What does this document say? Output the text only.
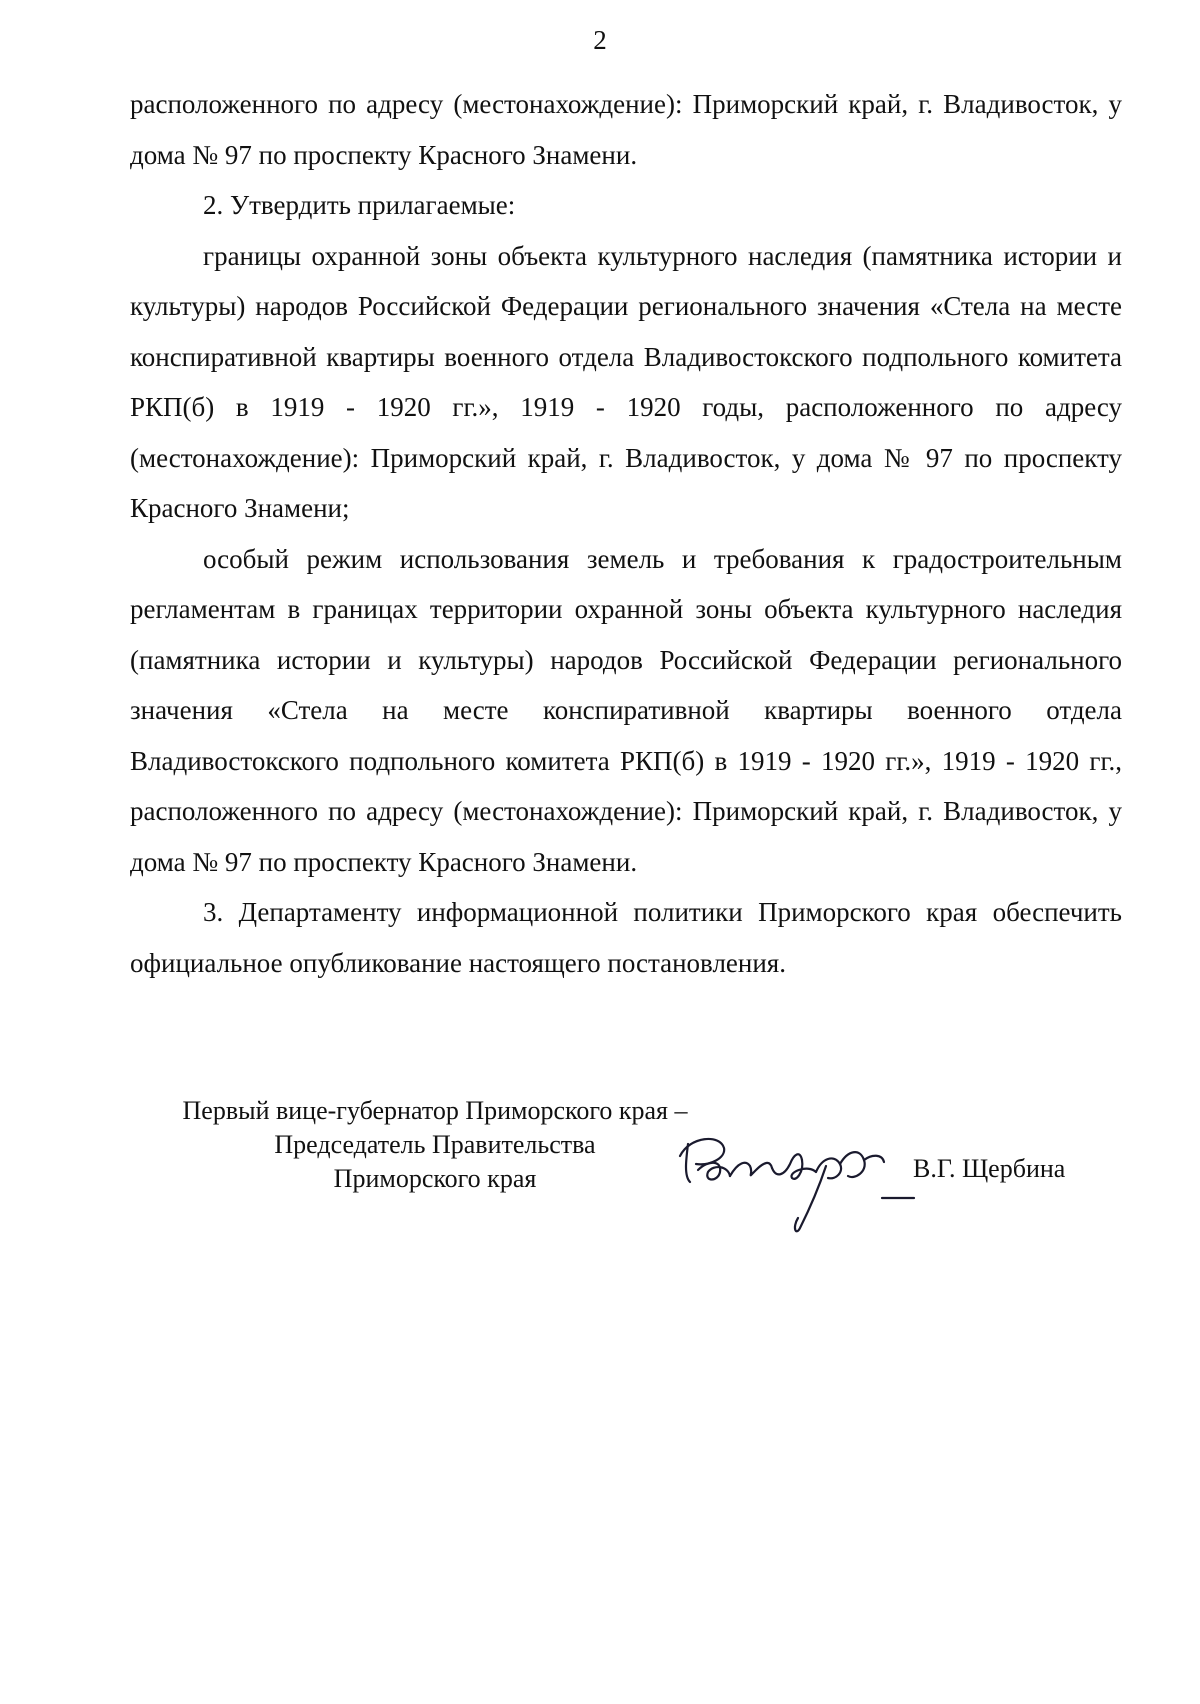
2

расположенного по адресу (местонахождение): Приморский край, г. Владивосток, у дома № 97 по проспекту Красного Знамени.

2. Утвердить прилагаемые:

границы охранной зоны объекта культурного наследия (памятника истории и культуры) народов Российской Федерации регионального значения «Стела на месте конспиративной квартиры военного отдела Владивостокского подпольного комитета РКП(б) в 1919 - 1920 гг.», 1919 - 1920 годы, расположенного по адресу (местонахождение): Приморский край, г. Владивосток, у дома № 97 по проспекту Красного Знамени;

особый режим использования земель и требования к градостроительным регламентам в границах территории охранной зоны объекта культурного наследия (памятника истории и культуры) народов Российской Федерации регионального значения «Стела на месте конспиративной квартиры военного отдела Владивостокского подпольного комитета РКП(б) в 1919 - 1920 гг.», 1919 - 1920 гг., расположенного по адресу (местонахождение): Приморский край, г. Владивосток, у дома № 97 по проспекту Красного Знамени.

3. Департаменту информационной политики Приморского края обеспечить официальное опубликование настоящего постановления.

Первый вице-губернатор Приморского края –
Председатель Правительства
Приморского края	В.Г. Щербина
